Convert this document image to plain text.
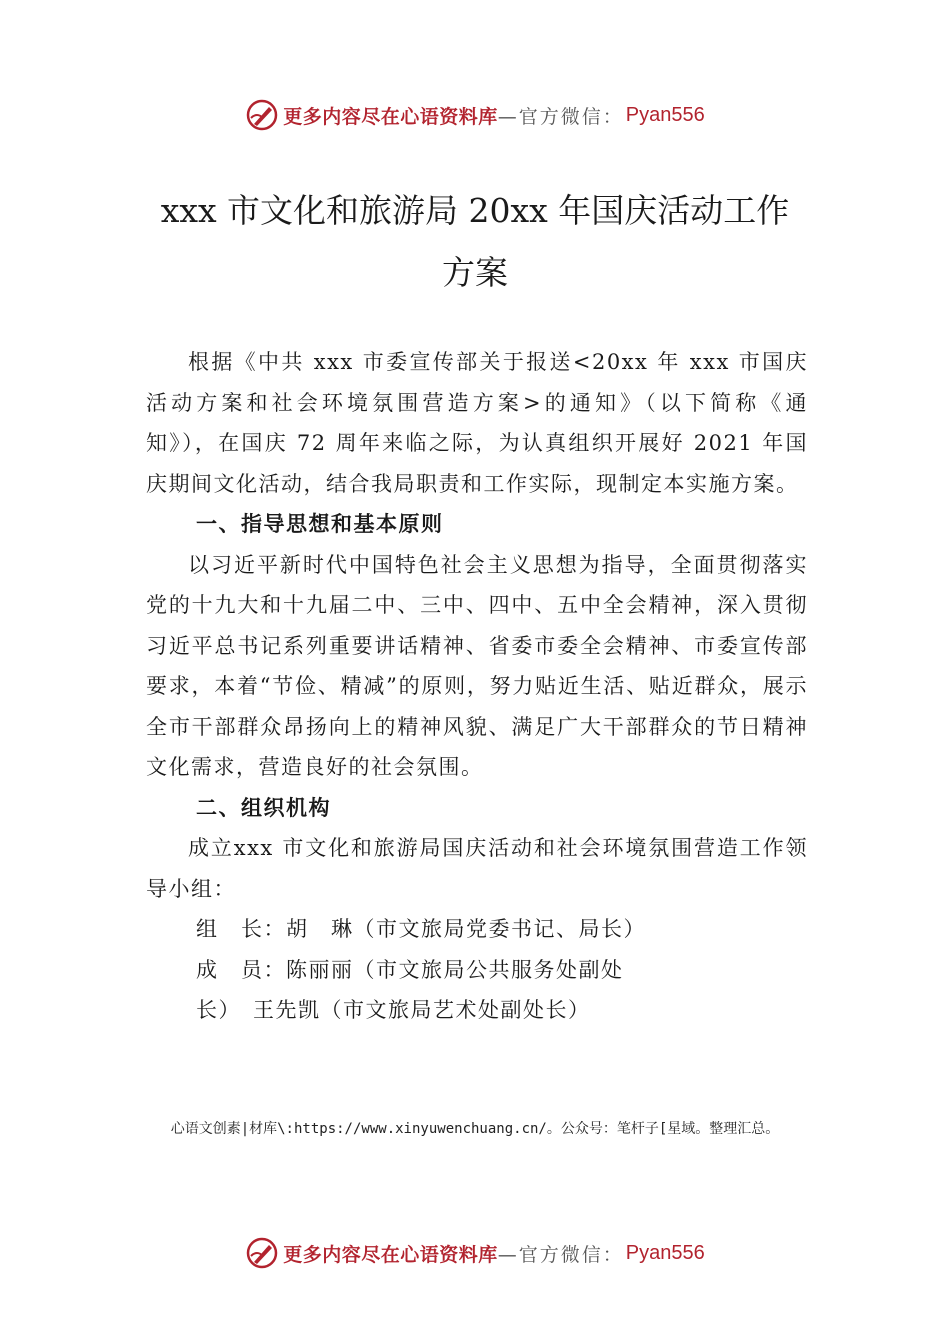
更多内容尽在心语资料库 —官方微信： Pyan556
xxx 市文化和旅游局 20xx 年国庆活动工作
方案

根据《中共 xxx 市委宣传部关于报送<20xx 年 xxx 市国庆活动方案和社会环境氛围营造方案>的通知》（以下简称《通知》），在国庆 72 周年来临之际，为认真组织开展好 2021 年国庆期间文化活动，结合我局职责和工作实际，现制定本实施方案。

一、指导思想和基本原则

以习近平新时代中国特色社会主义思想为指导，全面贯彻落实党的十九大和十九届二中、三中、四中、五中全会精神，深入贯彻习近平总书记系列重要讲话精神、省委市委全会精神、市委宣传部要求，本着“节俭、精减”的原则，努力贴近生活、贴近群众，展示全市干部群众昂扬向上的精神风貌、满足广大干部群众的节日精神文化需求，营造良好的社会氛围。

二、组织机构

成立xxx 市文化和旅游局国庆活动和社会环境氛围营造工作领导小组：

组　长：胡　琳（市文旅局党委书记、局长）

成　员：陈丽丽（市文旅局公共服务处副处

长）　王先凯（市文旅局艺术处副处长）

心语文创素|材库\:https://www.xinyuwenchuang.cn/。公众号：笔杆子[星域。整理汇总。
更多内容尽在心语资料库 —官方微信： Pyan556
